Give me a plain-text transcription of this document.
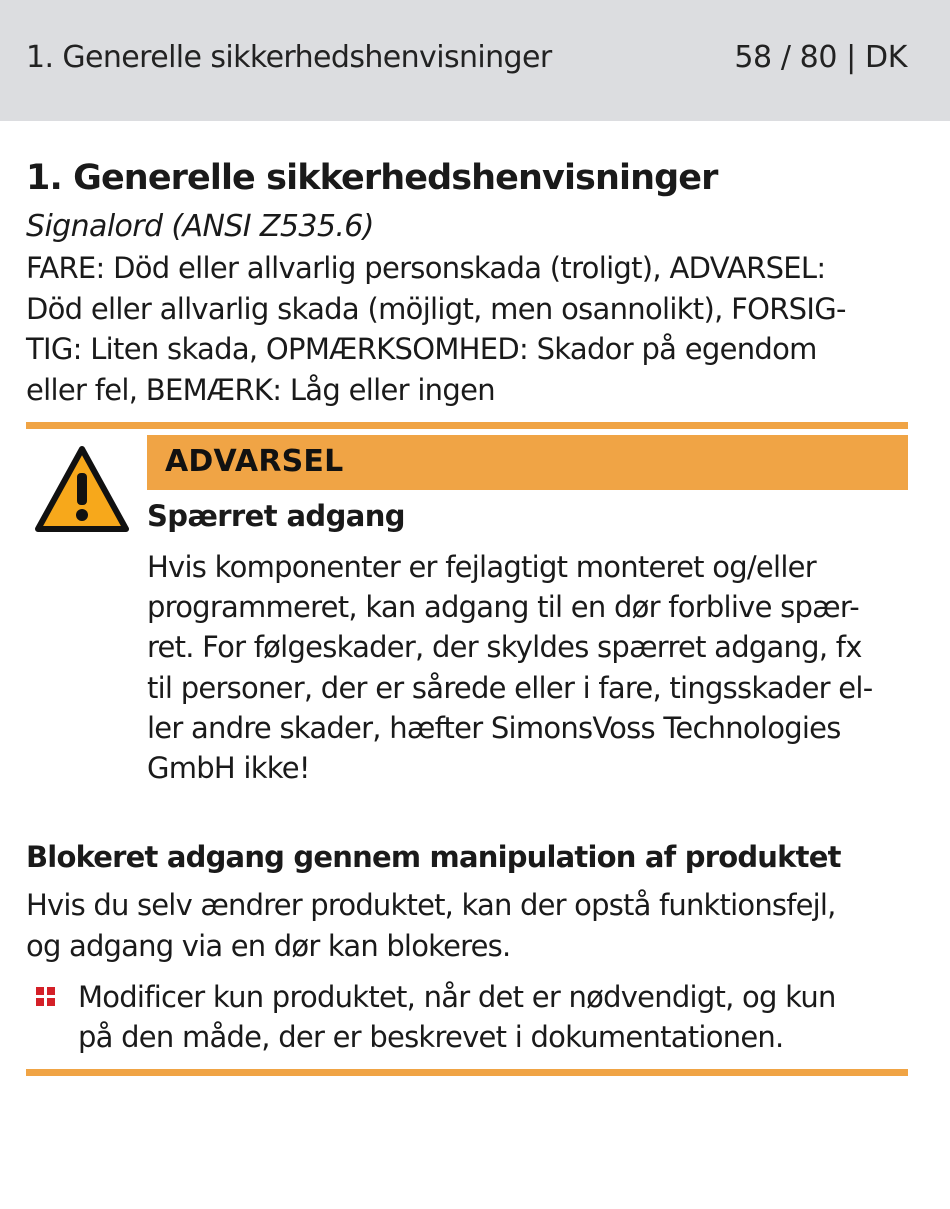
1. Generelle sikkerhedshenvisninger	58 / 80 | DK
1. Generelle sikkerhedshenvisninger

Signalord (ANSI Z535.6)

FARE: Död eller allvarlig personskada (troligt), ADVARSEL:
Död eller allvarlig skada (möjligt, men osannolikt), FORSIG-
TIG: Liten skada, OPMÆRKSOMHED: Skador på egendom
eller fel, BEMÆRK: Låg eller ingen
ADVARSEL
Spærret adgang
Hvis komponenter er fejlagtigt monteret og/eller
programmeret, kan adgang til en dør forblive spær-
ret. For følgeskader, der skyldes spærret adgang, fx
til personer, der er sårede eller i fare, tingsskader el-
ler andre skader, hæfter SimonsVoss Technologies
GmbH ikke!
Blokeret adgang gennem manipulation af produktet
Hvis du selv ændrer produktet, kan der opstå funktionsfejl,
og adgang via en dør kan blokeres.
Modificer kun produktet, når det er nødvendigt, og kun
på den måde, der er beskrevet i dokumentationen.
